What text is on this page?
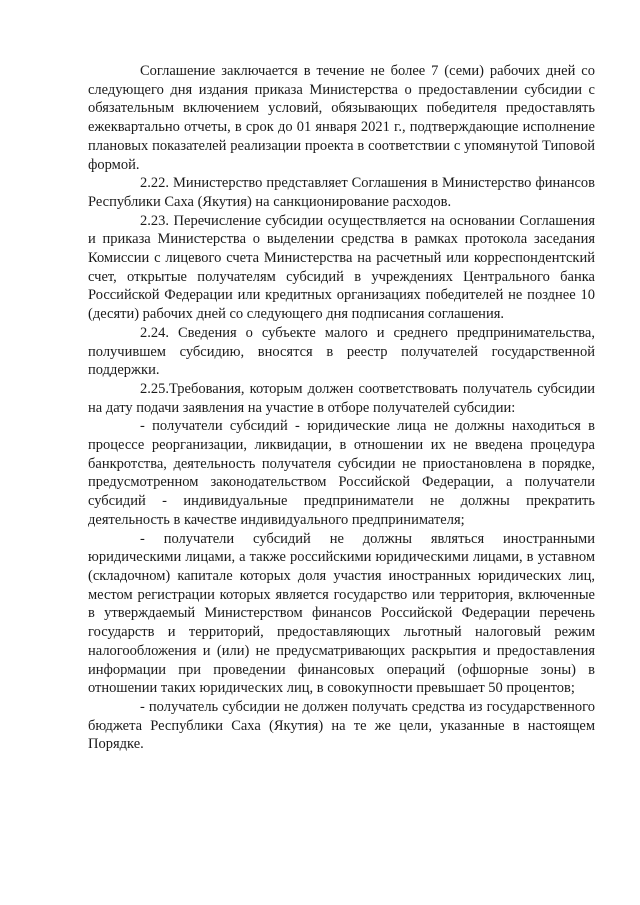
Соглашение заключается в течение не более 7 (семи) рабочих дней со следующего дня издания приказа Министерства о предоставлении субсидии с обязательным включением условий, обязывающих победителя предоставлять ежеквартально отчеты, в срок до 01 января 2021 г., подтверждающие исполнение плановых показателей реализации проекта в соответствии с упомянутой Типовой формой.

2.22. Министерство представляет Соглашения в Министерство финансов Республики Саха (Якутия) на санкционирование расходов.

2.23. Перечисление субсидии осуществляется на основании Соглашения и приказа Министерства о выделении средства в рамках протокола заседания Комиссии с лицевого счета Министерства на расчетный или корреспондентский счет, открытые получателям субсидий в учреждениях Центрального банка Российской Федерации или кредитных организациях победителей не позднее 10 (десяти) рабочих дней со следующего дня подписания соглашения.

2.24. Сведения о субъекте малого и среднего предпринимательства, получившем субсидию, вносятся в реестр получателей государственной поддержки.

2.25.Требования, которым должен соответствовать получатель субсидии на дату подачи заявления на участие в отборе получателей субсидии:

- получатели субсидий - юридические лица не должны находиться в процессе реорганизации, ликвидации, в отношении их не введена процедура банкротства, деятельность получателя субсидии не приостановлена в порядке, предусмотренном законодательством Российской Федерации, а получатели субсидий - индивидуальные предприниматели не должны прекратить деятельность в качестве индивидуального предпринимателя;

- получатели субсидий не должны являться иностранными юридическими лицами, а также российскими юридическими лицами, в уставном (складочном) капитале которых доля участия иностранных юридических лиц, местом регистрации которых является государство или территория, включенные в утверждаемый Министерством финансов Российской Федерации перечень государств и территорий, предоставляющих льготный налоговый режим налогообложения и (или) не предусматривающих раскрытия и предоставления информации при проведении финансовых операций (офшорные зоны) в отношении таких юридических лиц, в совокупности превышает 50 процентов;

- получатель субсидии не должен получать средства из государственного бюджета Республики Саха (Якутия) на те же цели, указанные в настоящем Порядке.
